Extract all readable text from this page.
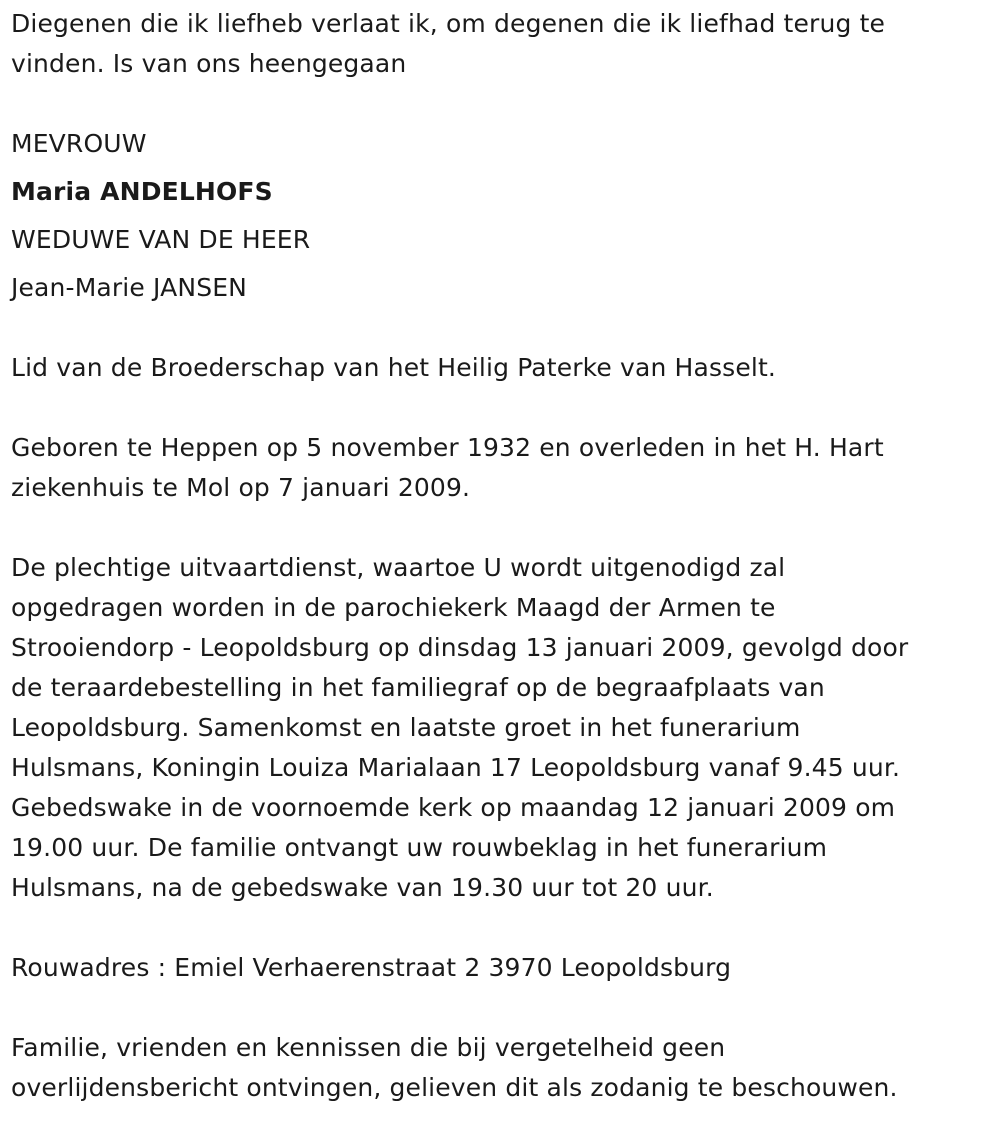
Diegenen die ik liefheb verlaat ik, om degenen die ik liefhad terug te
vinden. Is van ons heengegaan

MEVROUW
Maria ANDELHOFS
WEDUWE VAN DE HEER
Jean-Marie JANSEN

Lid van de Broederschap van het Heilig Paterke van Hasselt.

Geboren te Heppen op 5 november 1932 en overleden in het H. Hart
ziekenhuis te Mol op 7 januari 2009.

De plechtige uitvaartdienst, waartoe U wordt uitgenodigd zal
opgedragen worden in de parochiekerk Maagd der Armen te
Strooiendorp - Leopoldsburg op dinsdag 13 januari 2009, gevolgd door
de teraardebestelling in het familiegraf op de begraafplaats van
Leopoldsburg. Samenkomst en laatste groet in het funerarium
Hulsmans, Koningin Louiza Marialaan 17 Leopoldsburg vanaf 9.45 uur.
Gebedswake in de voornoemde kerk op maandag 12 januari 2009 om
19.00 uur. De familie ontvangt uw rouwbeklag in het funerarium
Hulsmans, na de gebedswake van 19.30 uur tot 20 uur.

Rouwadres : Emiel Verhaerenstraat 2 3970 Leopoldsburg

Familie, vrienden en kennissen die bij vergetelheid geen
overlijdensbericht ontvingen, gelieven dit als zodanig te beschouwen.
